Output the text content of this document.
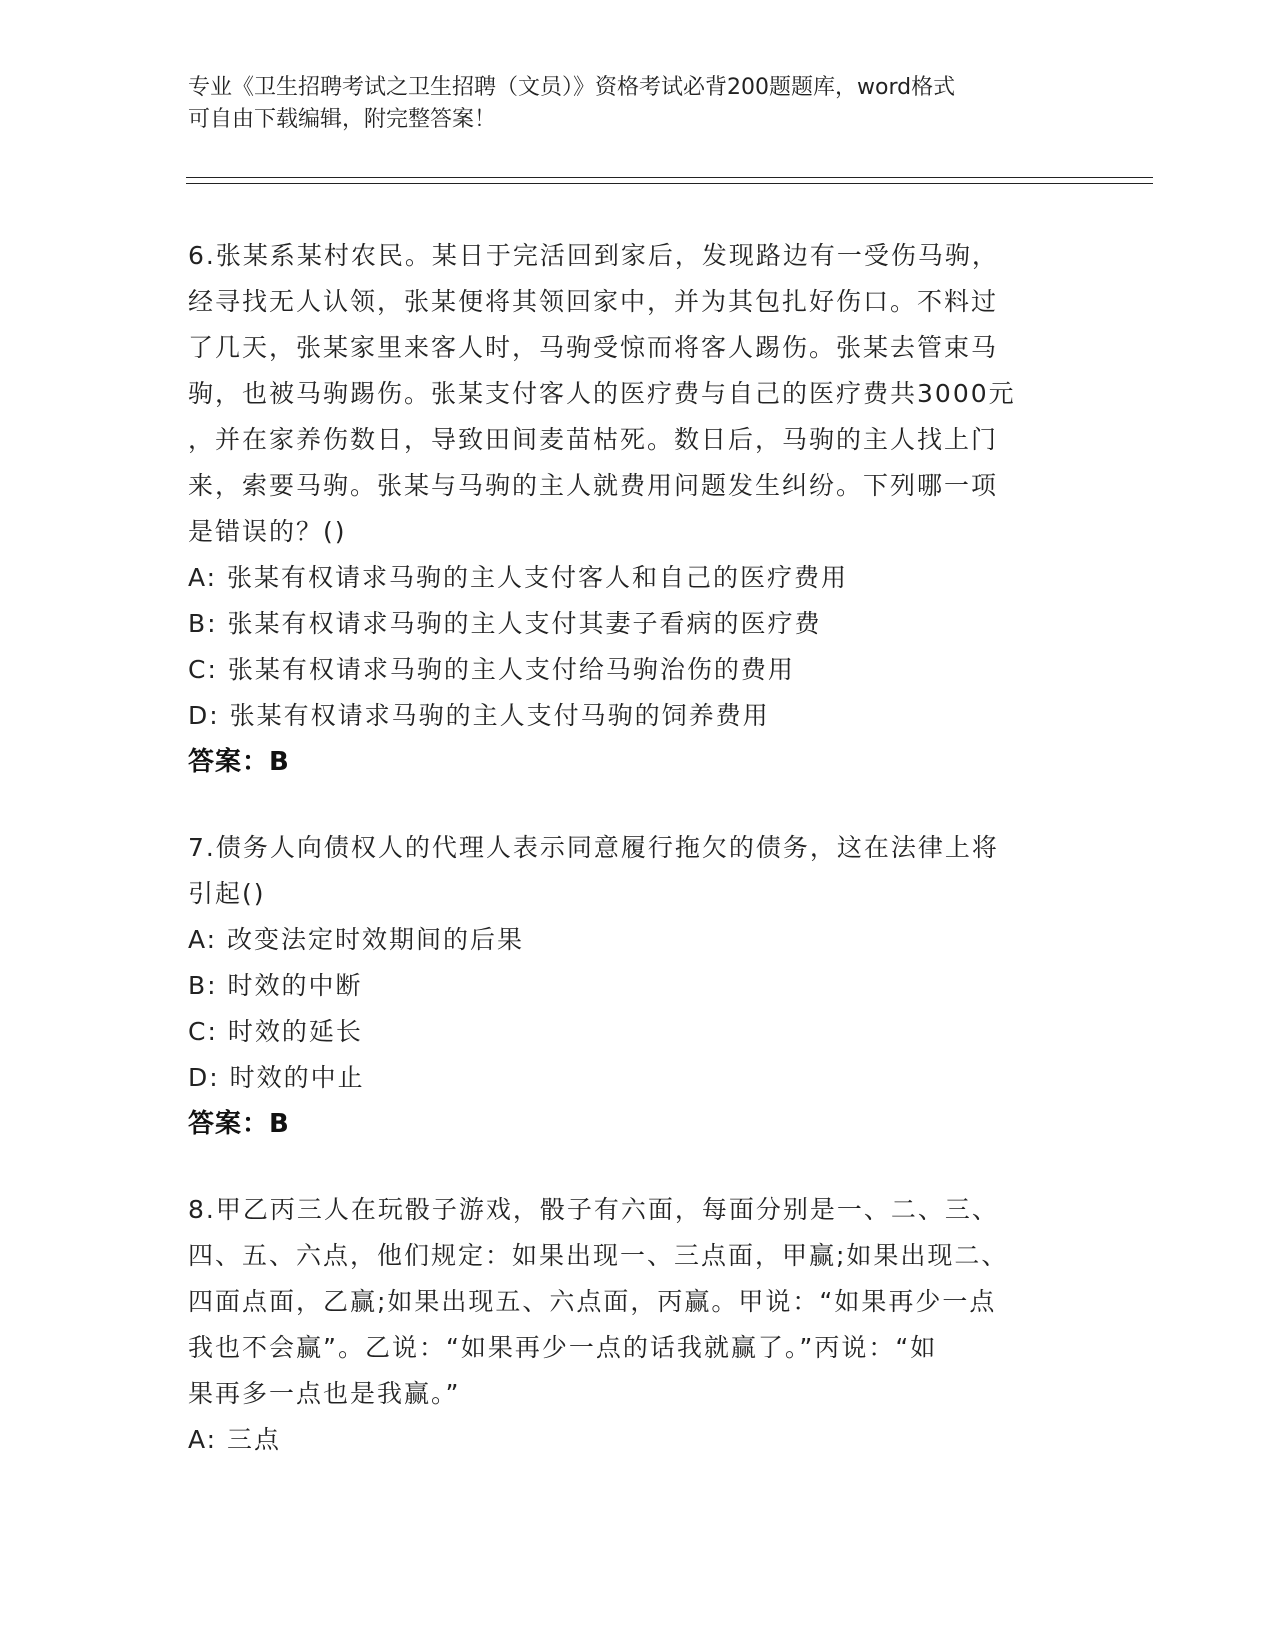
专业《卫生招聘考试之卫生招聘（文员）》资格考试必背200题题库，word格式
可自由下载编辑，附完整答案！
6.张某系某村农民。某日于完活回到家后，发现路边有一受伤马驹，
经寻找无人认领，张某便将其领回家中，并为其包扎好伤口。不料过
了几天，张某家里来客人时，马驹受惊而将客人踢伤。张某去管束马
驹，也被马驹踢伤。张某支付客人的医疗费与自己的医疗费共3000元
，并在家养伤数日，导致田间麦苗枯死。数日后，马驹的主人找上门
来，索要马驹。张某与马驹的主人就费用问题发生纠纷。下列哪一项
是错误的？()
A: 张某有权请求马驹的主人支付客人和自己的医疗费用
B: 张某有权请求马驹的主人支付其妻子看病的医疗费
C: 张某有权请求马驹的主人支付给马驹治伤的费用
D: 张某有权请求马驹的主人支付马驹的饲养费用
答案：B
7.债务人向债权人的代理人表示同意履行拖欠的债务，这在法律上将
引起()
A: 改变法定时效期间的后果
B: 时效的中断
C: 时效的延长
D: 时效的中止
答案：B
8.甲乙丙三人在玩骰子游戏，骰子有六面，每面分别是一、二、三、
四、五、六点，他们规定：如果出现一、三点面，甲赢;如果出现二、
四面点面，乙赢;如果出现五、六点面，丙赢。甲说：“如果再少一点
我也不会赢”。乙说：“如果再少一点的话我就赢了。”丙说：“如
果再多一点也是我赢。”
A: 三点
